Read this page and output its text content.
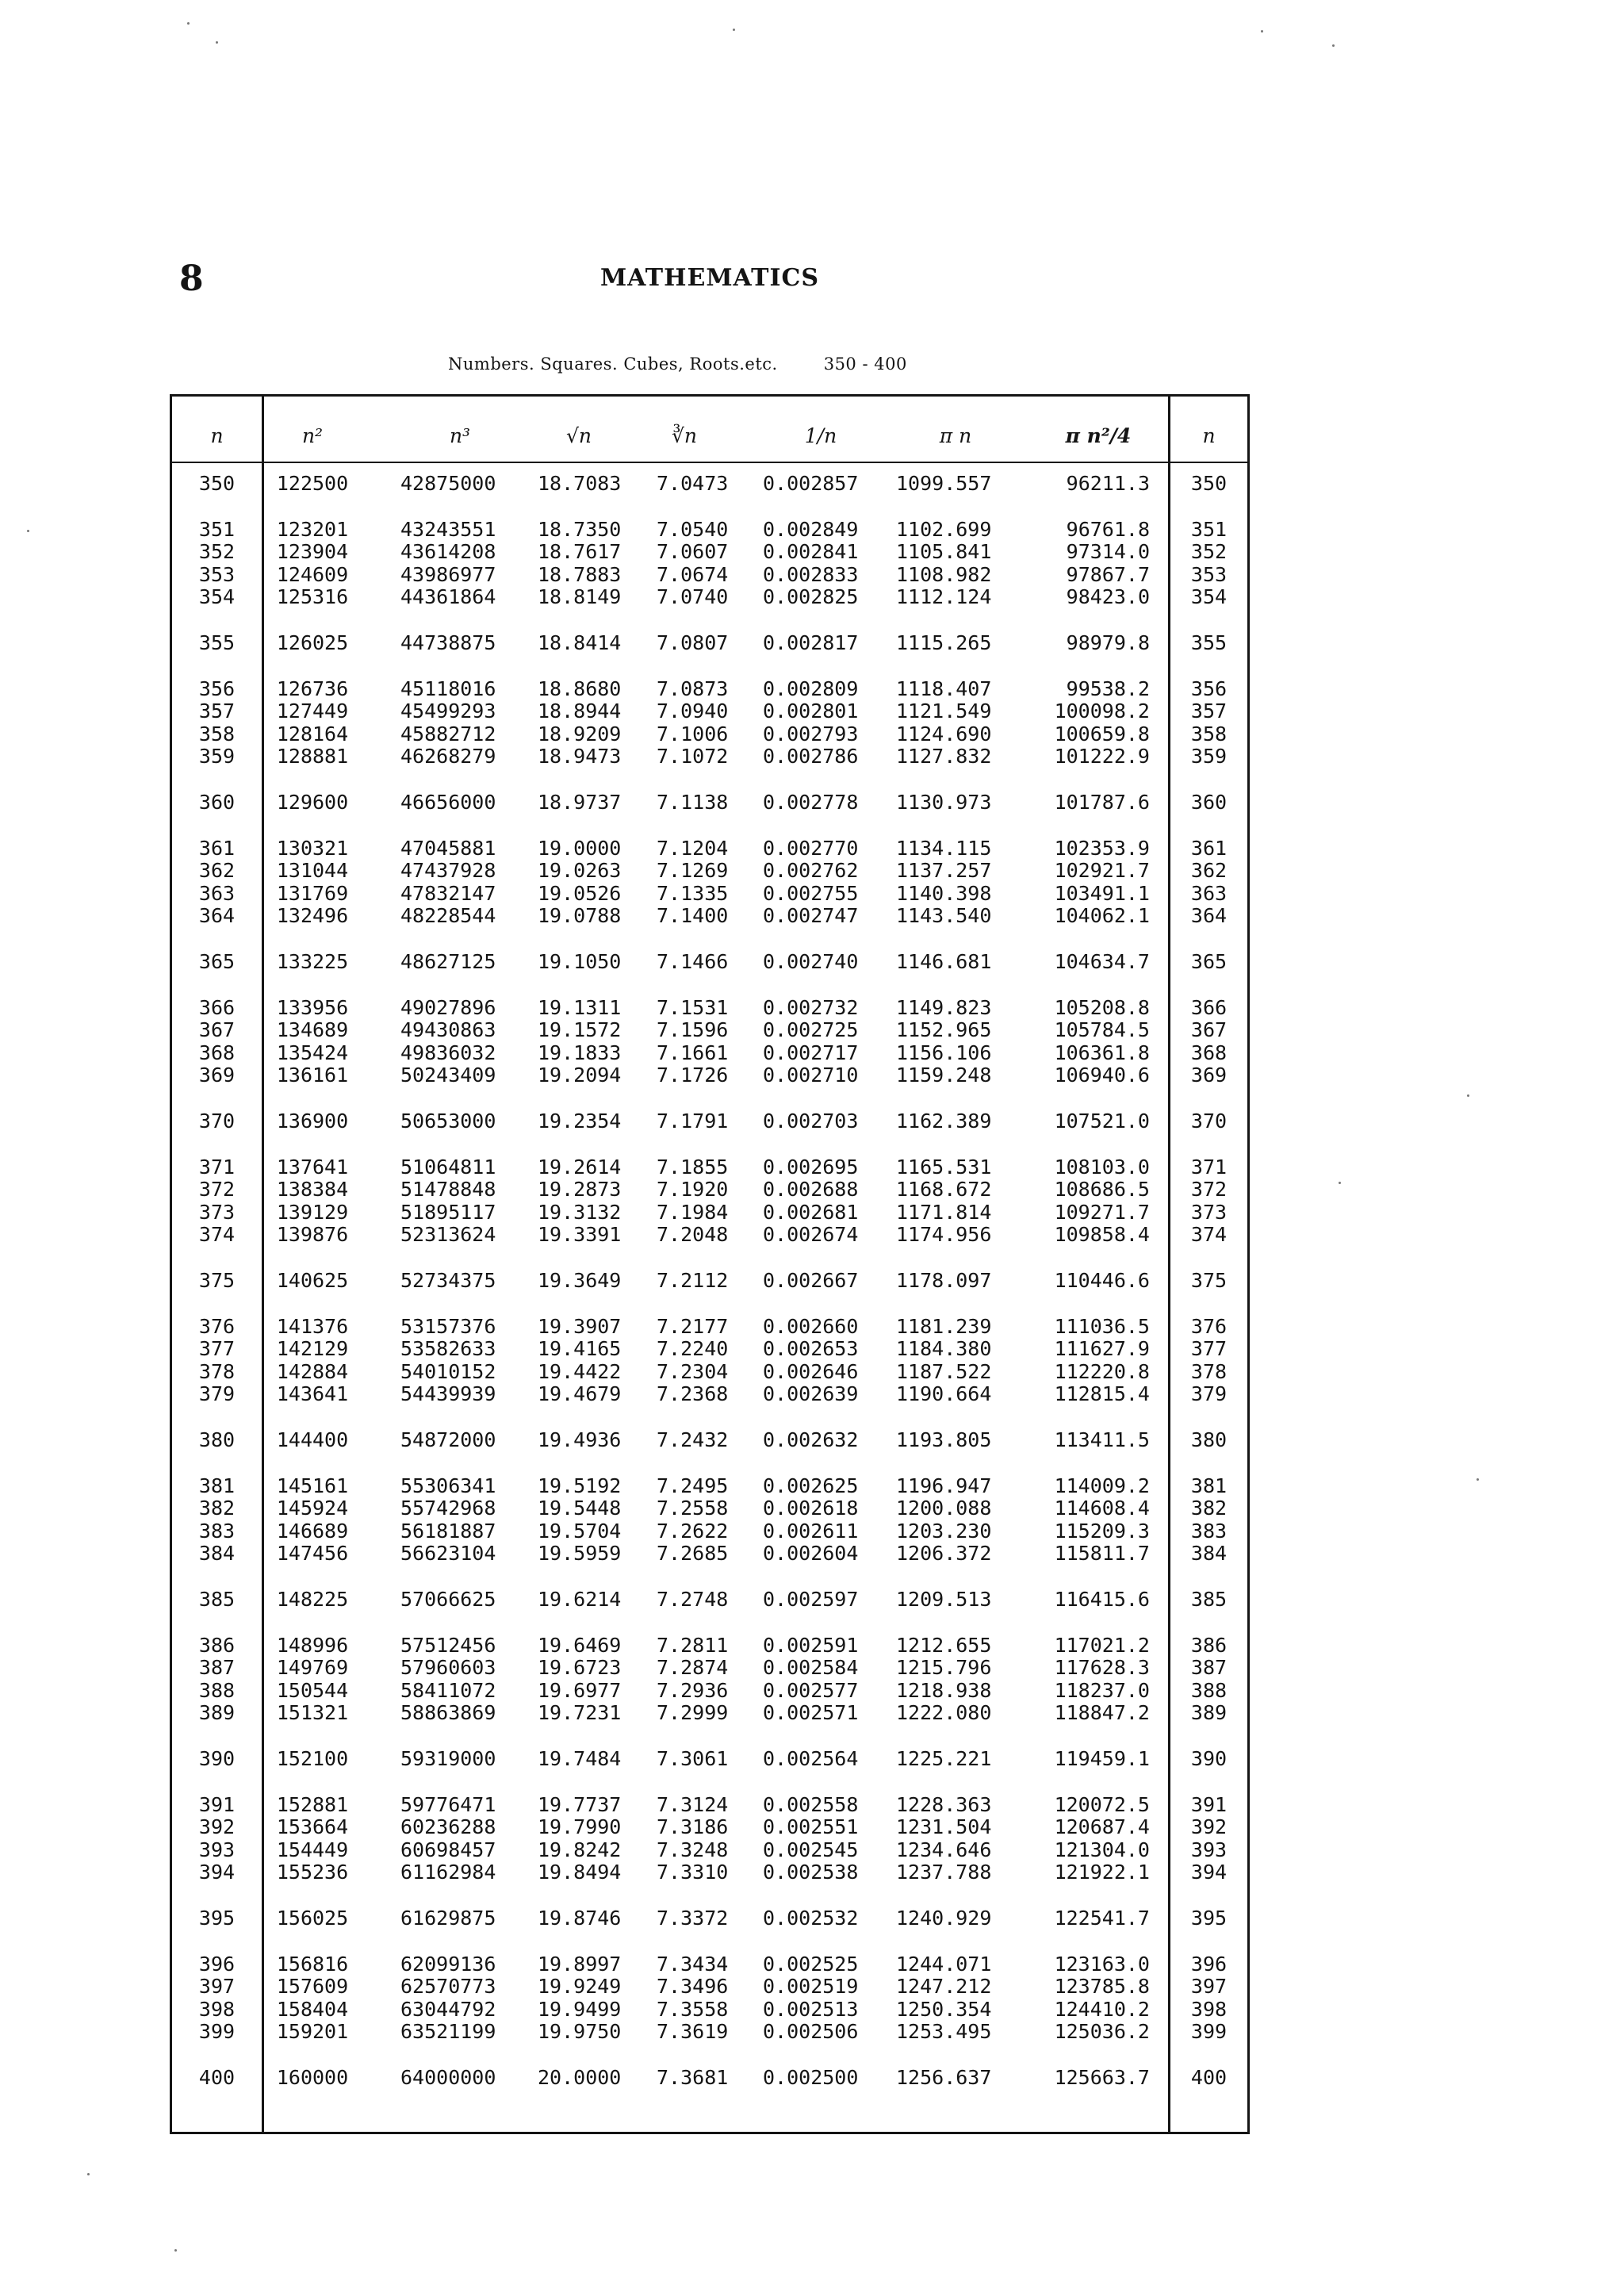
8	MATHEMATICS
Numbers. Squares. Cubes, Roots.etc.	350 - 400
n	n²	n³	√n	∛n	1/n	π n	π n²/4	n
350	122500	42875000	18.7083	7.0473	0.002857	1099.557	96211.3	350
351	123201	43243551	18.7350	7.0540	0.002849	1102.699	96761.8	351
352	123904	43614208	18.7617	7.0607	0.002841	1105.841	97314.0	352
353	124609	43986977	18.7883	7.0674	0.002833	1108.982	97867.7	353
354	125316	44361864	18.8149	7.0740	0.002825	1112.124	98423.0	354
355	126025	44738875	18.8414	7.0807	0.002817	1115.265	98979.8	355
356	126736	45118016	18.8680	7.0873	0.002809	1118.407	99538.2	356
357	127449	45499293	18.8944	7.0940	0.002801	1121.549	100098.2	357
358	128164	45882712	18.9209	7.1006	0.002793	1124.690	100659.8	358
359	128881	46268279	18.9473	7.1072	0.002786	1127.832	101222.9	359
360	129600	46656000	18.9737	7.1138	0.002778	1130.973	101787.6	360
361	130321	47045881	19.0000	7.1204	0.002770	1134.115	102353.9	361
362	131044	47437928	19.0263	7.1269	0.002762	1137.257	102921.7	362
363	131769	47832147	19.0526	7.1335	0.002755	1140.398	103491.1	363
364	132496	48228544	19.0788	7.1400	0.002747	1143.540	104062.1	364
365	133225	48627125	19.1050	7.1466	0.002740	1146.681	104634.7	365
366	133956	49027896	19.1311	7.1531	0.002732	1149.823	105208.8	366
367	134689	49430863	19.1572	7.1596	0.002725	1152.965	105784.5	367
368	135424	49836032	19.1833	7.1661	0.002717	1156.106	106361.8	368
369	136161	50243409	19.2094	7.1726	0.002710	1159.248	106940.6	369
370	136900	50653000	19.2354	7.1791	0.002703	1162.389	107521.0	370
371	137641	51064811	19.2614	7.1855	0.002695	1165.531	108103.0	371
372	138384	51478848	19.2873	7.1920	0.002688	1168.672	108686.5	372
373	139129	51895117	19.3132	7.1984	0.002681	1171.814	109271.7	373
374	139876	52313624	19.3391	7.2048	0.002674	1174.956	109858.4	374
375	140625	52734375	19.3649	7.2112	0.002667	1178.097	110446.6	375
376	141376	53157376	19.3907	7.2177	0.002660	1181.239	111036.5	376
377	142129	53582633	19.4165	7.2240	0.002653	1184.380	111627.9	377
378	142884	54010152	19.4422	7.2304	0.002646	1187.522	112220.8	378
379	143641	54439939	19.4679	7.2368	0.002639	1190.664	112815.4	379
380	144400	54872000	19.4936	7.2432	0.002632	1193.805	113411.5	380
381	145161	55306341	19.5192	7.2495	0.002625	1196.947	114009.2	381
382	145924	55742968	19.5448	7.2558	0.002618	1200.088	114608.4	382
383	146689	56181887	19.5704	7.2622	0.002611	1203.230	115209.3	383
384	147456	56623104	19.5959	7.2685	0.002604	1206.372	115811.7	384
385	148225	57066625	19.6214	7.2748	0.002597	1209.513	116415.6	385
386	148996	57512456	19.6469	7.2811	0.002591	1212.655	117021.2	386
387	149769	57960603	19.6723	7.2874	0.002584	1215.796	117628.3	387
388	150544	58411072	19.6977	7.2936	0.002577	1218.938	118237.0	388
389	151321	58863869	19.7231	7.2999	0.002571	1222.080	118847.2	389
390	152100	59319000	19.7484	7.3061	0.002564	1225.221	119459.1	390
391	152881	59776471	19.7737	7.3124	0.002558	1228.363	120072.5	391
392	153664	60236288	19.7990	7.3186	0.002551	1231.504	120687.4	392
393	154449	60698457	19.8242	7.3248	0.002545	1234.646	121304.0	393
394	155236	61162984	19.8494	7.3310	0.002538	1237.788	121922.1	394
395	156025	61629875	19.8746	7.3372	0.002532	1240.929	122541.7	395
396	156816	62099136	19.8997	7.3434	0.002525	1244.071	123163.0	396
397	157609	62570773	19.9249	7.3496	0.002519	1247.212	123785.8	397
398	158404	63044792	19.9499	7.3558	0.002513	1250.354	124410.2	398
399	159201	63521199	19.9750	7.3619	0.002506	1253.495	125036.2	399
400	160000	64000000	20.0000	7.3681	0.002500	1256.637	125663.7	400
